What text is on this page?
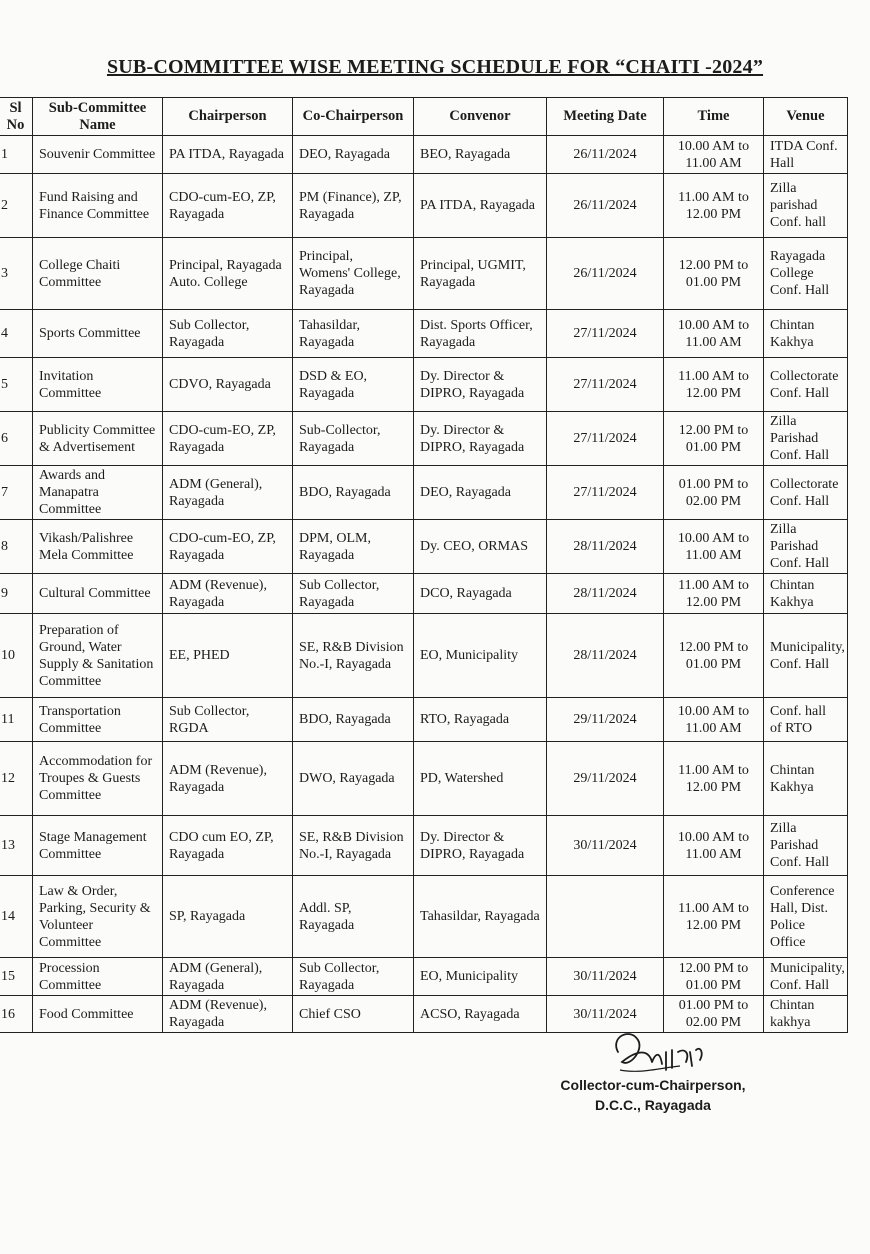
SUB-COMMITTEE WISE MEETING SCHEDULE FOR “CHAITI -2024”
Sl No	Sub-Committee Name	Chairperson	Co-Chairperson	Convenor	Meeting Date	Time	Venue
1	Souvenir Committee	PA ITDA, Rayagada	DEO, Rayagada	BEO, Rayagada	26/11/2024	10.00 AM to 11.00 AM	ITDA Conf. Hall
2	Fund Raising and Finance Committee	CDO-cum-EO, ZP, Rayagada	PM (Finance), ZP, Rayagada	PA ITDA, Rayagada	26/11/2024	11.00 AM to 12.00 PM	Zilla parishad Conf. hall
3	College Chaiti Committee	Principal, Rayagada Auto. College	Principal, Womens' College, Rayagada	Principal, UGMIT, Rayagada	26/11/2024	12.00 PM to 01.00 PM	Rayagada College Conf. Hall
4	Sports Committee	Sub Collector, Rayagada	Tahasildar, Rayagada	Dist. Sports Officer, Rayagada	27/11/2024	10.00 AM to 11.00 AM	Chintan Kakhya
5	Invitation Committee	CDVO, Rayagada	DSD & EO, Rayagada	Dy. Director & DIPRO, Rayagada	27/11/2024	11.00 AM to 12.00 PM	Collectorate Conf. Hall
6	Publicity Committee & Advertisement	CDO-cum-EO, ZP, Rayagada	Sub-Collector, Rayagada	Dy. Director & DIPRO, Rayagada	27/11/2024	12.00 PM to 01.00 PM	Zilla Parishad Conf. Hall
7	Awards and Manapatra Committee	ADM (General), Rayagada	BDO, Rayagada	DEO, Rayagada	27/11/2024	01.00 PM to 02.00 PM	Collectorate Conf. Hall
8	Vikash/Palishree Mela Committee	CDO-cum-EO, ZP, Rayagada	DPM, OLM, Rayagada	Dy. CEO, ORMAS	28/11/2024	10.00 AM to 11.00 AM	Zilla Parishad Conf. Hall
9	Cultural Committee	ADM (Revenue), Rayagada	Sub Collector, Rayagada	DCO, Rayagada	28/11/2024	11.00 AM to 12.00 PM	Chintan Kakhya
10	Preparation of Ground, Water Supply & Sanitation Committee	EE, PHED	SE, R&B Division No.-I, Rayagada	EO, Municipality	28/11/2024	12.00 PM to 01.00 PM	Municipality, Conf. Hall
11	Transportation Committee	Sub Collector, RGDA	BDO, Rayagada	RTO, Rayagada	29/11/2024	10.00 AM to 11.00 AM	Conf. hall of RTO
12	Accommodation for Troupes & Guests Committee	ADM (Revenue), Rayagada	DWO, Rayagada	PD, Watershed	29/11/2024	11.00 AM to 12.00 PM	Chintan Kakhya
13	Stage Management Committee	CDO cum EO, ZP, Rayagada	SE, R&B Division No.-I, Rayagada	Dy. Director & DIPRO, Rayagada	30/11/2024	10.00 AM to 11.00 AM	Zilla Parishad Conf. Hall
14	Law & Order, Parking, Security & Volunteer Committee	SP, Rayagada	Addl. SP, Rayagada	Tahasildar, Rayagada		11.00 AM to 12.00 PM	Conference Hall, Dist. Police Office
15	Procession Committee	ADM (General), Rayagada	Sub Collector, Rayagada	EO, Municipality	30/11/2024	12.00 PM to 01.00 PM	Municipality, Conf. Hall
16	Food Committee	ADM (Revenue), Rayagada	Chief CSO	ACSO, Rayagada	30/11/2024	01.00 PM to 02.00 PM	Chintan kakhya
Collector-cum-Chairperson,
D.C.C., Rayagada
